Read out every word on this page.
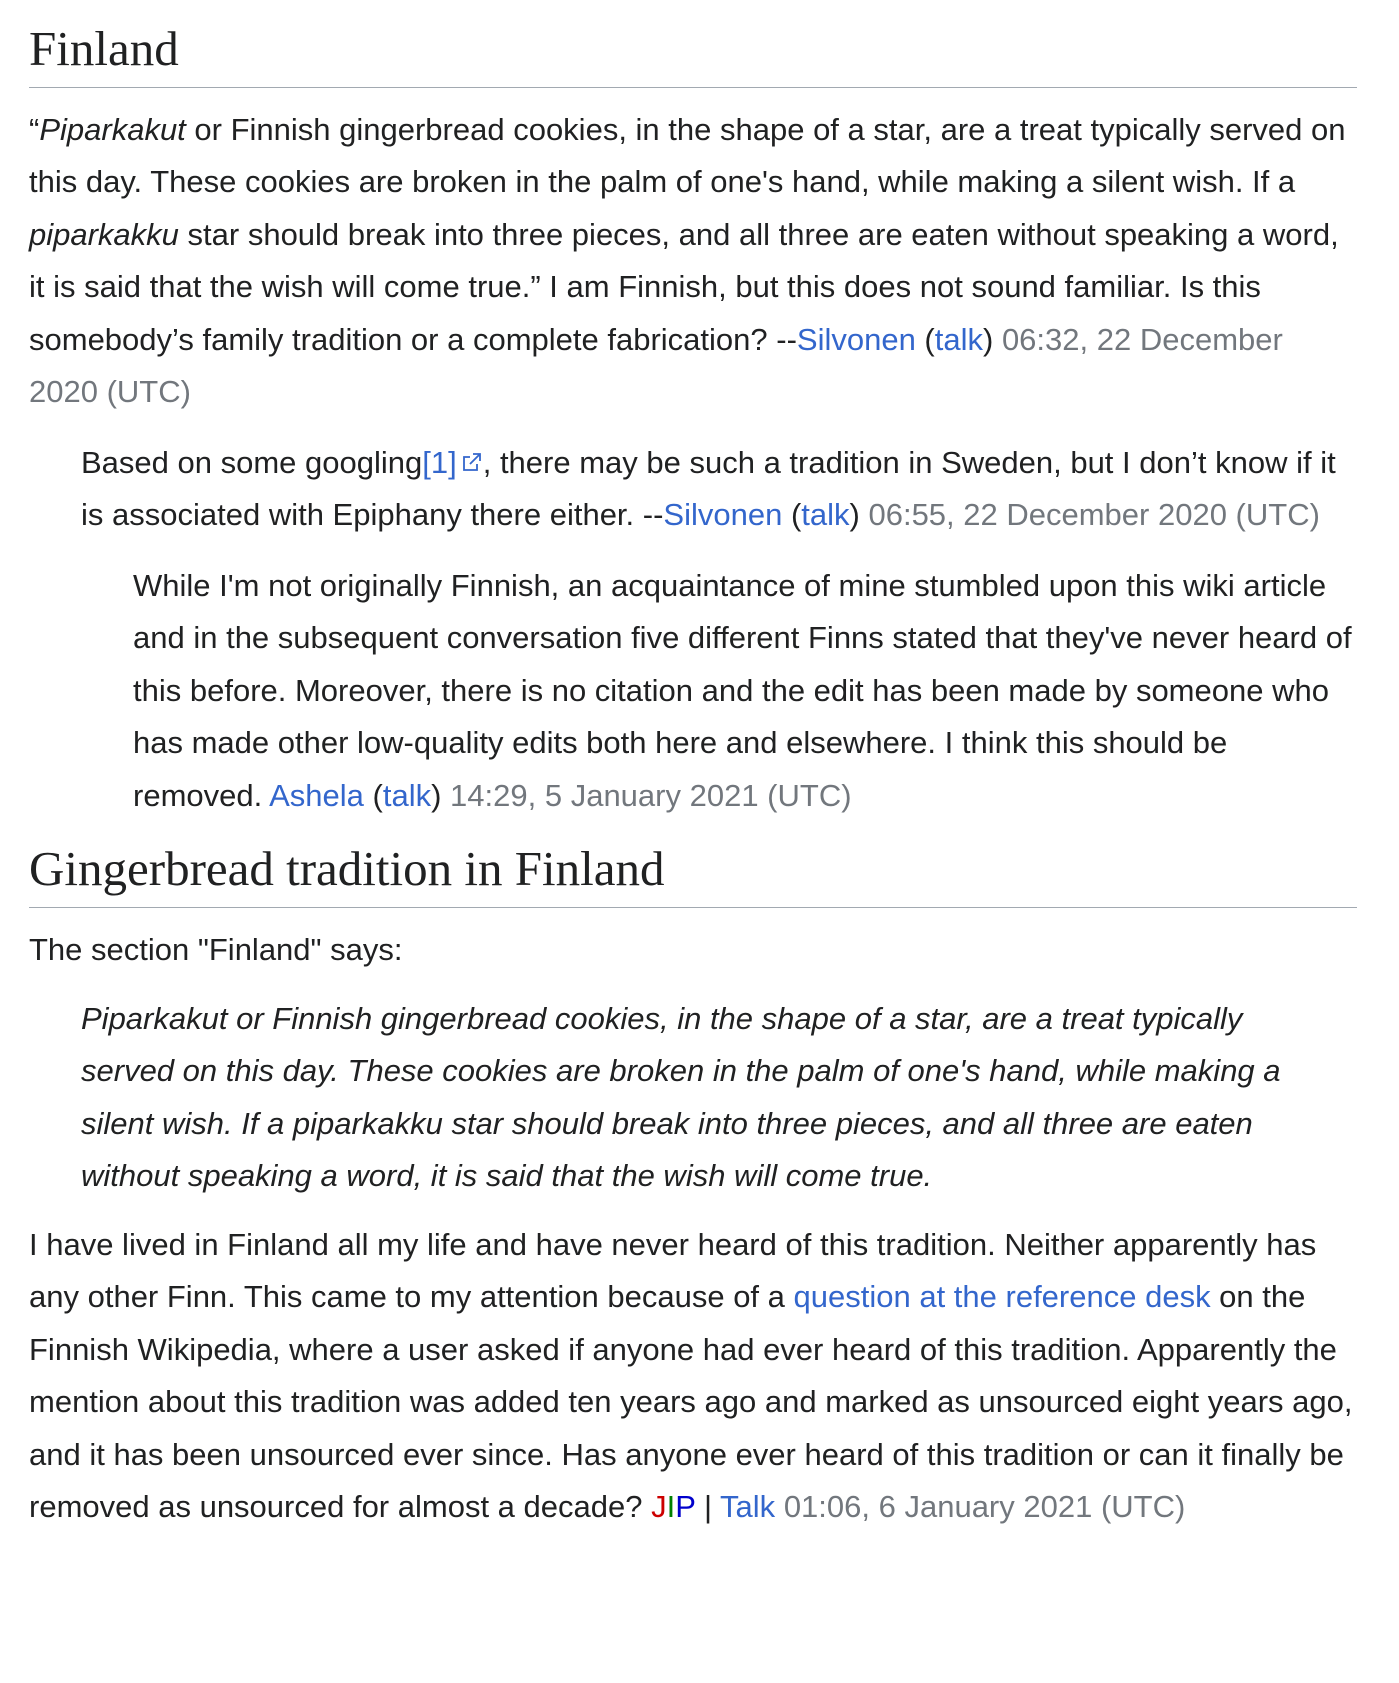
Finland

“Piparkakut or Finnish gingerbread cookies, in the shape of a star, are a treat typically served on this day. These cookies are broken in the palm of one's hand, while making a silent wish. If a piparkakku star should break into three pieces, and all three are eaten without speaking a word, it is said that the wish will come true.” I am Finnish, but this does not sound familiar. Is this somebody’s family tradition or a complete fabrication? --Silvonen (talk) 06:32, 22 December 2020 (UTC)

Based on some googling[1] , there may be such a tradition in Sweden, but I don’t know if it is associated with Epiphany there either. --Silvonen (talk) 06:55, 22 December 2020 (UTC)
While I'm not originally Finnish, an acquaintance of mine stumbled upon this wiki article and in the subsequent conversation five different Finns stated that they've never heard of this before. Moreover, there is no citation and the edit has been made by someone who has made other low-quality edits both here and elsewhere. I think this should be removed. Ashela (talk) 14:29, 5 January 2021 (UTC)
Gingerbread tradition in Finland

The section "Finland" says:

Piparkakut or Finnish gingerbread cookies, in the shape of a star, are a treat typically served on this day. These cookies are broken in the palm of one's hand, while making a silent wish. If a piparkakku star should break into three pieces, and all three are eaten without speaking a word, it is said that the wish will come true.

I have lived in Finland all my life and have never heard of this tradition. Neither apparently has any other Finn. This came to my attention because of a question at the reference desk on the Finnish Wikipedia, where a user asked if anyone had ever heard of this tradition. Apparently the mention about this tradition was added ten years ago and marked as unsourced eight years ago, and it has been unsourced ever since. Has anyone ever heard of this tradition or can it finally be removed as unsourced for almost a decade? JIP | Talk 01:06, 6 January 2021 (UTC)
